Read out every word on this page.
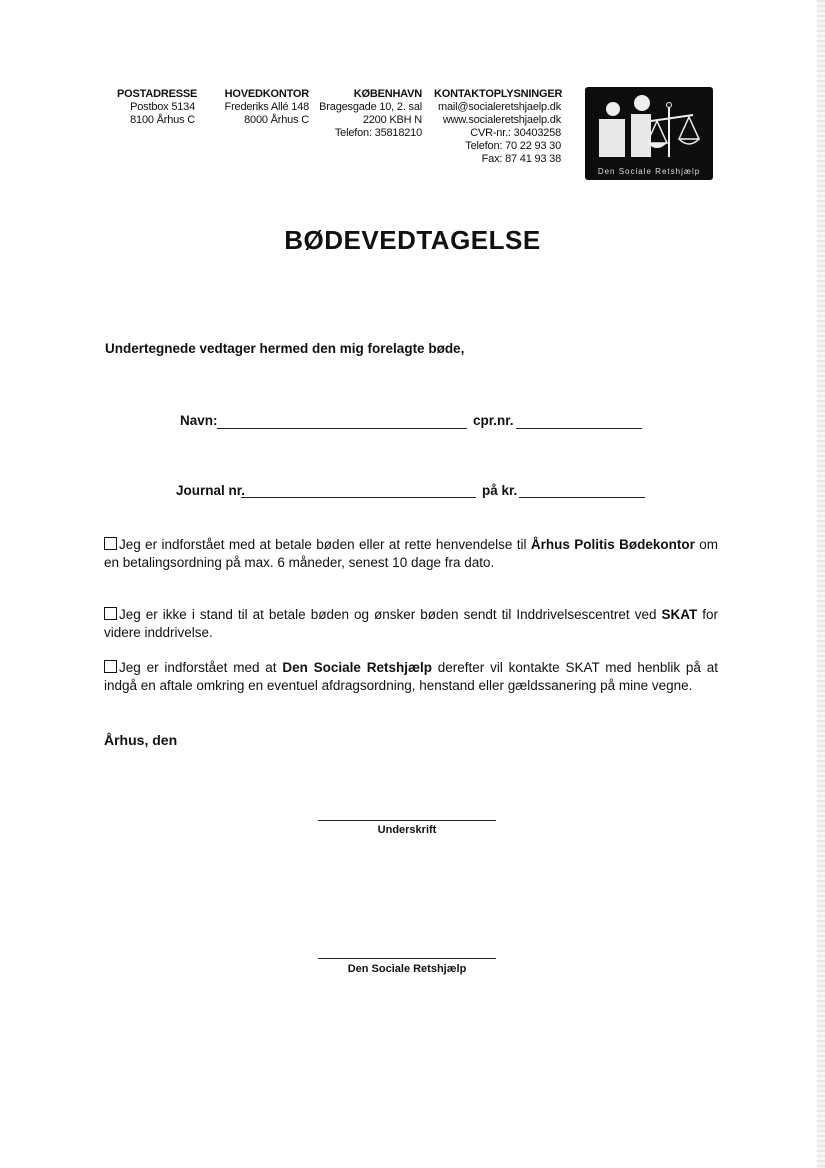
POSTADRESSE
Postbox 5134
8100 Århus C
HOVEDKONTOR
Frederiks Allé 148
8000 Århus C
KØBENHAVN
Bragesgade 10, 2. sal
2200 KBH N
Telefon: 35818210
KONTAKTOPLYSNINGER
mail@socialeretshjaelp.dk
www.socialeretshjaelp.dk
CVR-nr.: 30403258
Telefon: 70 22 93 30
Fax: 87 41 93 38
Den Sociale Retshjælp
BØDEVEDTAGELSE
Undertegnede vedtager hermed den mig forelagte bøde,
Navn:	cpr.nr.
Journal nr.	på kr.
Jeg er indforstået med at betale bøden eller at rette henvendelse til Århus Politis Bødekontor om en betalingsordning på max. 6 måneder, senest 10 dage fra dato.
Jeg er ikke i stand til at betale bøden og ønsker bøden sendt til Inddrivelsescentret ved SKAT for videre inddrivelse.
Jeg er indforstået med at Den Sociale Retshjælp derefter vil kontakte SKAT med henblik på at indgå en aftale omkring en eventuel afdragsordning, henstand eller gældssanering på mine vegne.
Århus, den
Underskrift
Den Sociale Retshjælp
